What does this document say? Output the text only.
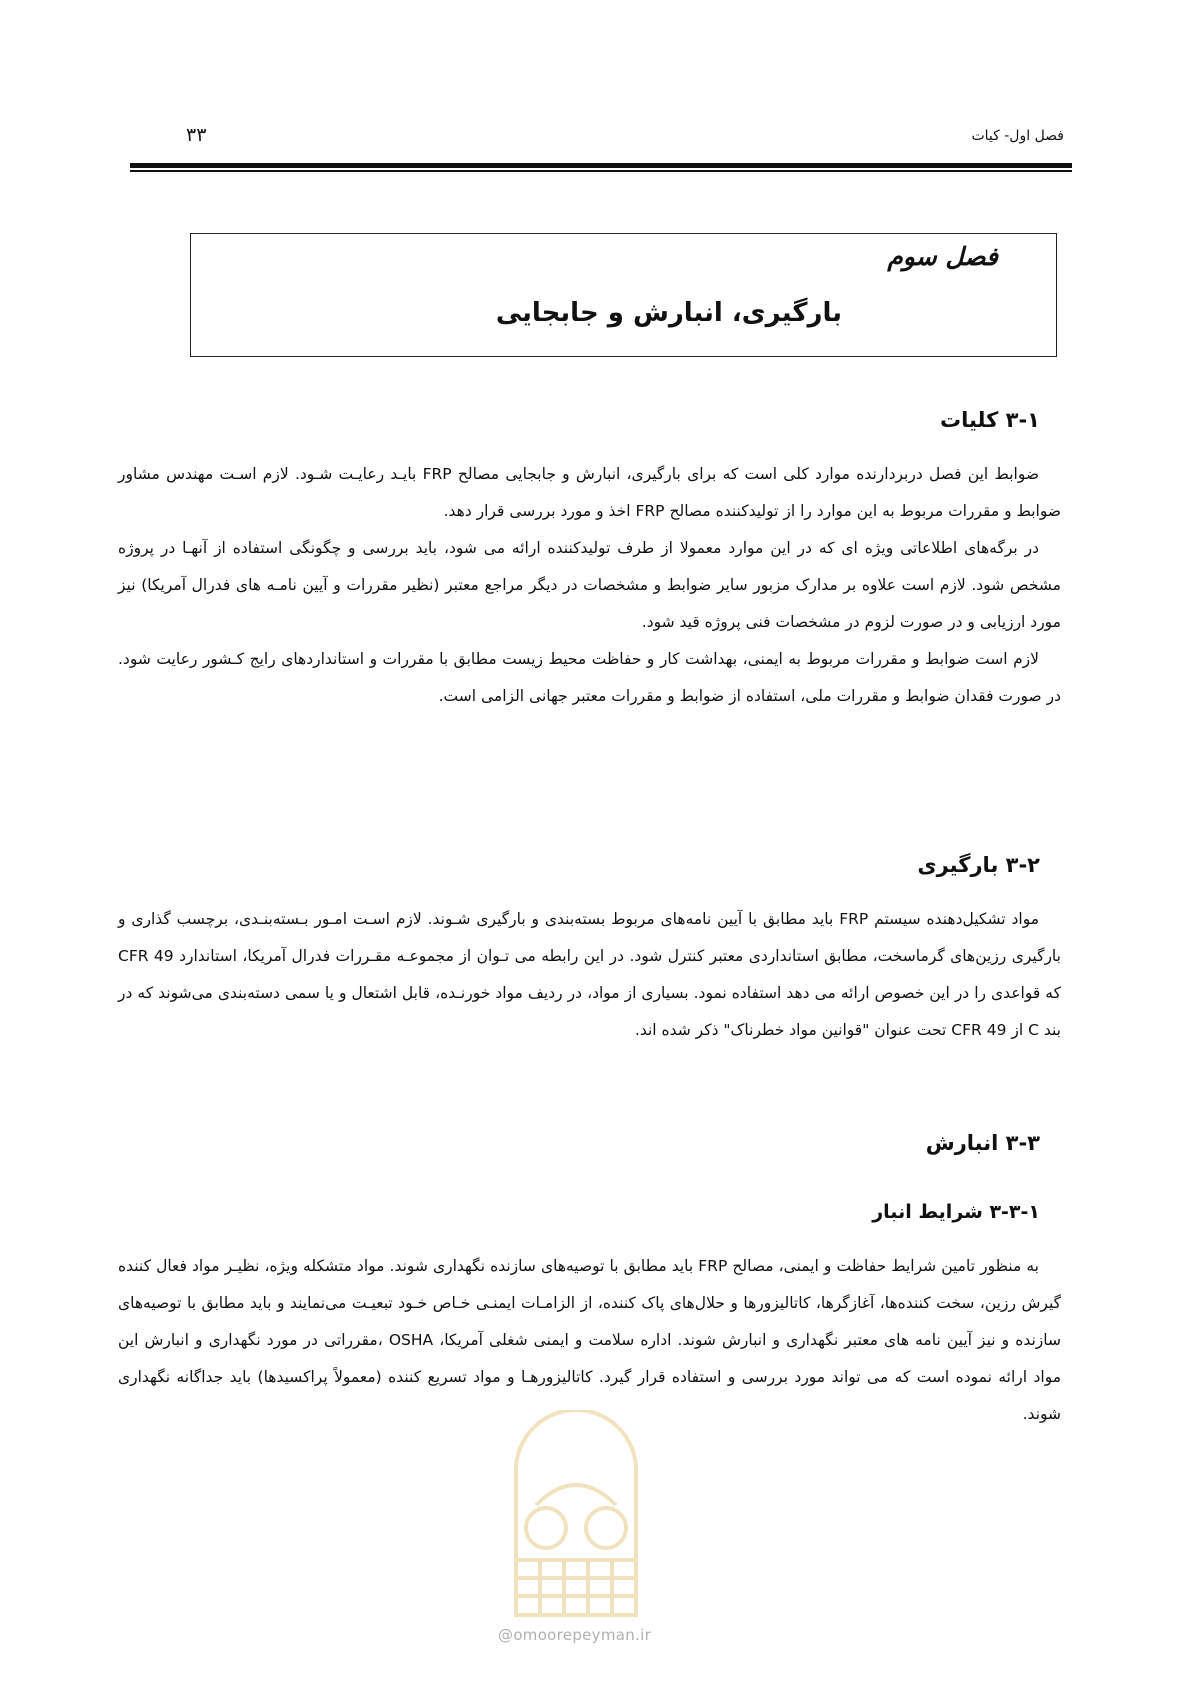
۳۳	فصل اول- کیات
فصل سوم
بارگیری، انبارش و جابجایی
۳-۱ کلیات

ضوابط این فصل دربردارنده موارد کلی است که برای بارگیری، انبارش و جابجایی مصالح FRP بایـد رعایـت شـود. لازم اسـت مهندس مشاور ضوابط و مقررات مربوط به این موارد را از تولیدکننده مصالح FRP اخذ و مورد بررسی قرار دهد.

در برگه‌های اطلاعاتی ویژه ای که در این موارد معمولا از طرف تولیدکننده ارائه می شود، باید بررسی و چگونگی استفاده از آنهـا در پروژه مشخص شود. لازم است علاوه بر مدارک مزبور سایر ضوابط و مشخصات در دیگر مراجع معتبر (نظیر مقررات و آیین نامـه های فدرال آمریکا) نیز مورد ارزیابی و در صورت لزوم در مشخصات فنی پروژه قید شود.

لازم است ضوابط و مقررات مربوط به ایمنی، بهداشت کار و حفاظت محیط زیست مطابق با مقررات و استانداردهای رایج کـشور رعایت شود. در صورت فقدان ضوابط و مقررات ملی، استفاده از ضوابط و مقررات معتبر جهانی الزامی است.

۳-۲ بارگیری

مواد تشکیل‌دهنده سیستم FRP باید مطابق با آیین نامه‌های مربوط بسته‌بندی و بارگیری شـوند. لازم اسـت امـور بـسته‌بنـدی، برچسب گذاری و بارگیری رزین‌های گرماسخت، مطابق استانداردی معتبر کنترل شود. در این رابطه می تـوان از مجموعـه مقـررات فدرال آمریکا، استاندارد CFR 49 که قواعدی را در این خصوص ارائه می دهد استفاده نمود. بسیاری از مواد، در ردیف مواد خورنـده، قابل اشتعال و یا سمی دسته‌بندی می‌شوند که در بند C از CFR 49 تحت عنوان "قوانین مواد خطرناک" ذکر شده اند.

۳-۳ انبارش
۳-۳-۱ شرایط انبار

به منظور تامین شرایط حفاظت و ایمنی، مصالح FRP باید مطابق با توصیه‌های سازنده نگهداری شوند. مواد متشکله ویژه، نظیـر مواد فعال کننده گیرش رزین، سخت کننده‌ها، آغازگرها، کاتالیزورها و حلال‌های پاک کننده، از الزامـات ایمنـی خـاص خـود تبعیـت می‌نمایند و باید مطابق با توصیه‌های سازنده و نیز آیین نامه های معتبر نگهداری و انبارش شوند. اداره سلامت و ایمنی شغلی آمریکا، OSHA ،مقرراتی در مورد نگهداری و انبارش این مواد ارائه نموده است که می تواند مورد بررسی و استفاده قرار گیرد. کاتالیزورهـا و مواد تسریع کننده (معمولاً پراکسیدها) باید جداگانه نگهداری شوند.

@omoorepeyman.ir
